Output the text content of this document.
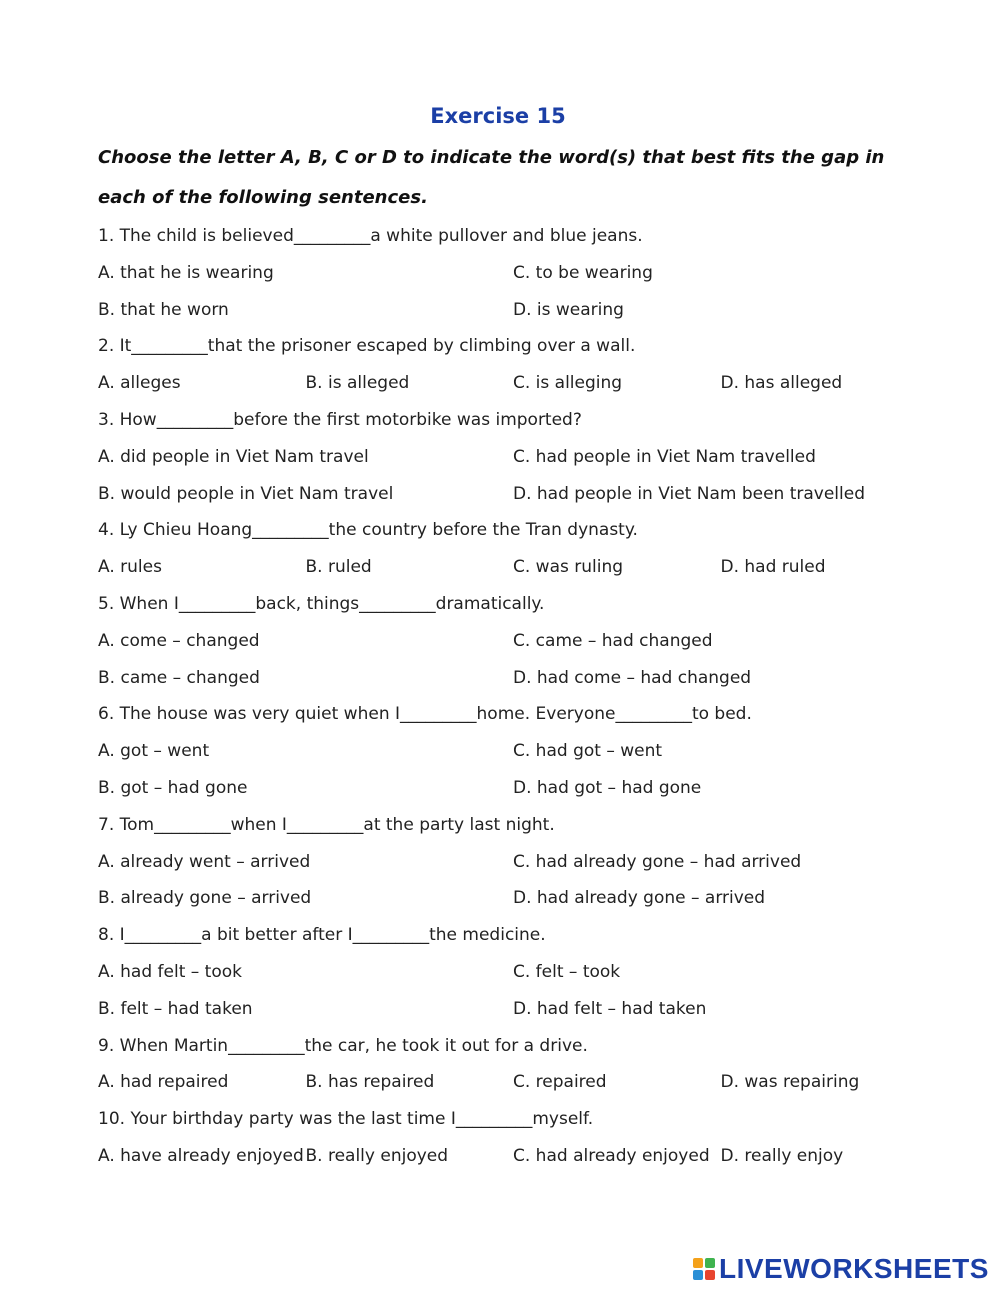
Exercise 15
Choose the letter A, B, C or D to indicate the word(s) that best fits the gap in each of the following sentences.
1. The child is believed_________a white pullover and blue jeans.
A. that he is wearing	C. to be wearing
B. that he worn	D. is wearing
2. It_________that the prisoner escaped by climbing over a wall.
A. alleges	B. is alleged	C. is alleging	D. has alleged
3. How_________before the first motorbike was imported?
A. did people in Viet Nam travel	C. had people in Viet Nam travelled
B. would people in Viet Nam travel	D. had people in Viet Nam been travelled
4. Ly Chieu Hoang_________the country before the Tran dynasty.
A. rules	B. ruled	C. was ruling	D. had ruled
5. When I_________back, things_________dramatically.
A. come – changed	C. came – had changed
B. came – changed	D. had come – had changed
6. The house was very quiet when I_________home. Everyone_________to bed.
A. got – went	C. had got – went
B. got – had gone	D. had got – had gone
7. Tom_________when I_________at the party last night.
A. already went – arrived	C. had already gone – had arrived
B. already gone – arrived	D. had already gone – arrived
8. I_________a bit better after I_________the medicine.
A. had felt – took	C. felt – took
B. felt – had taken	D. had felt – had taken
9. When Martin_________the car, he took it out for a drive.
A. had repaired	B. has repaired	C. repaired	D. was repairing
10. Your birthday party was the last time I_________myself.
A. have already enjoyed B. really enjoyed	C. had already enjoyed D. really enjoy
LIVEWORKSHEETS
